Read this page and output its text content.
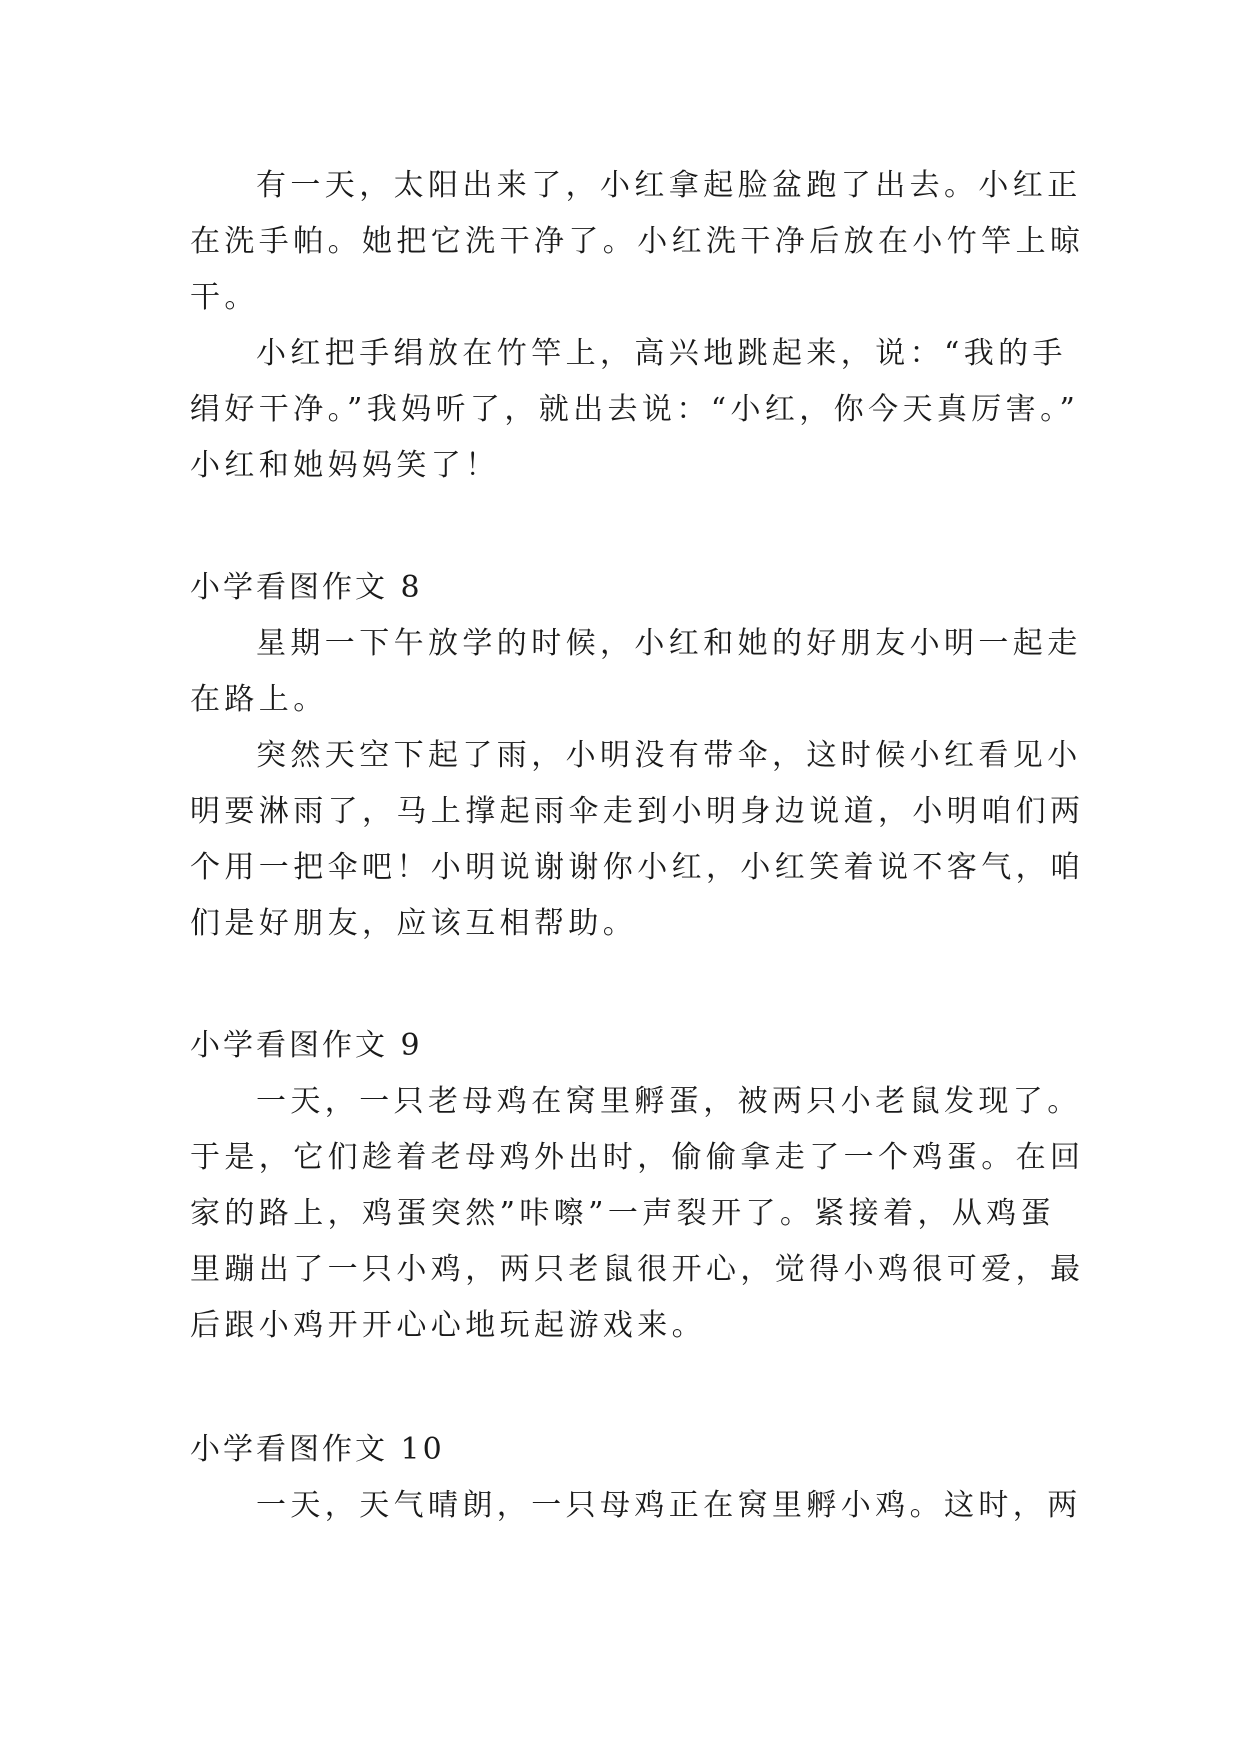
有一天，太阳出来了，小红拿起脸盆跑了出去。小红正

在洗手帕。她把它洗干净了。小红洗干净后放在小竹竿上晾

干。

小红把手绢放在竹竿上，高兴地跳起来，说：“我的手

绢好干净。”我妈听了，就出去说：“小红，你今天真厉害。”

小红和她妈妈笑了！

小学看图作文 8

星期一下午放学的时候，小红和她的好朋友小明一起走

在路上。

突然天空下起了雨，小明没有带伞，这时候小红看见小

明要淋雨了，马上撑起雨伞走到小明身边说道，小明咱们两

个用一把伞吧！小明说谢谢你小红，小红笑着说不客气，咱

们是好朋友，应该互相帮助。

小学看图作文 9

一天，一只老母鸡在窝里孵蛋，被两只小老鼠发现了。

于是，它们趁着老母鸡外出时，偷偷拿走了一个鸡蛋。在回

家的路上，鸡蛋突然”咔嚓”一声裂开了。紧接着，从鸡蛋

里蹦出了一只小鸡，两只老鼠很开心，觉得小鸡很可爱，最

后跟小鸡开开心心地玩起游戏来。

小学看图作文 10

一天，天气晴朗，一只母鸡正在窝里孵小鸡。这时，两
